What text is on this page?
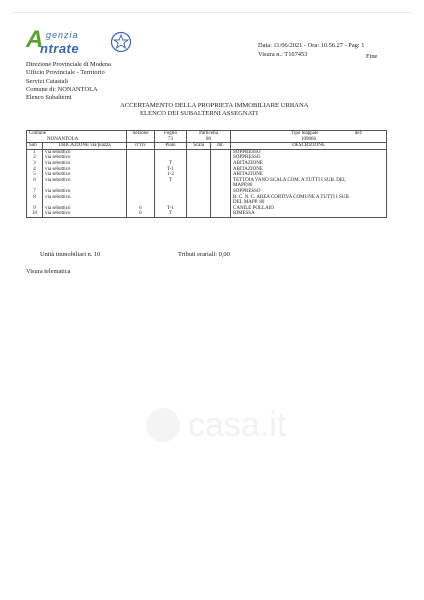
A genzia
ntrate	Data: 11/06/2021 - Ora: 10.56.27 - Pag: 1
Visura n.: T107453	Fine
Direzione Provinciale di Modena
Ufficio Provinciale - Territorio
Servizi Catastali
Comune di: NONANTOLA
Elenco Subalterni
ACCERTAMENTO DELLA PROPRIETA IMMOBILIARE URBANA
ELENCO DEI SUBALTERNI ASSEGNATI
Comune		Sezione	Foglio	Particella		Tipo mappale del:
NONANTOLA			73	80		109066
Sub	UBICAZIONE via/piazza	n°civ	Piani	Scala	Int.	DESCRIZIONE
1	via sebottico					SOPPRESSO

2	via sebottico					SOPPRESSO

3	via sebottico		T			ABITAZIONE

4	via sebottico		T-1			ABITAZIONE

5	via sebottico		1-2			ABITAZIONE

6	via sebottico		T			TETTOIA VANO SCALA COM. A TUTTI I SUB. DEL
MAPP.80

7	via sebottico					SOPPRESSO

8	via sebottico					B. C. N. C. AREA CORTIVA COMUNE A TUTTI I SUB.
DEL MAPP. 80

9	via sebottico	6	T-1			CANILE POLLAIO

10	via sebottico	6	T			RIMESSA
Unità immobiliari n. 10	Tributi erariali: 0,00
Visura telematica
casa.it
